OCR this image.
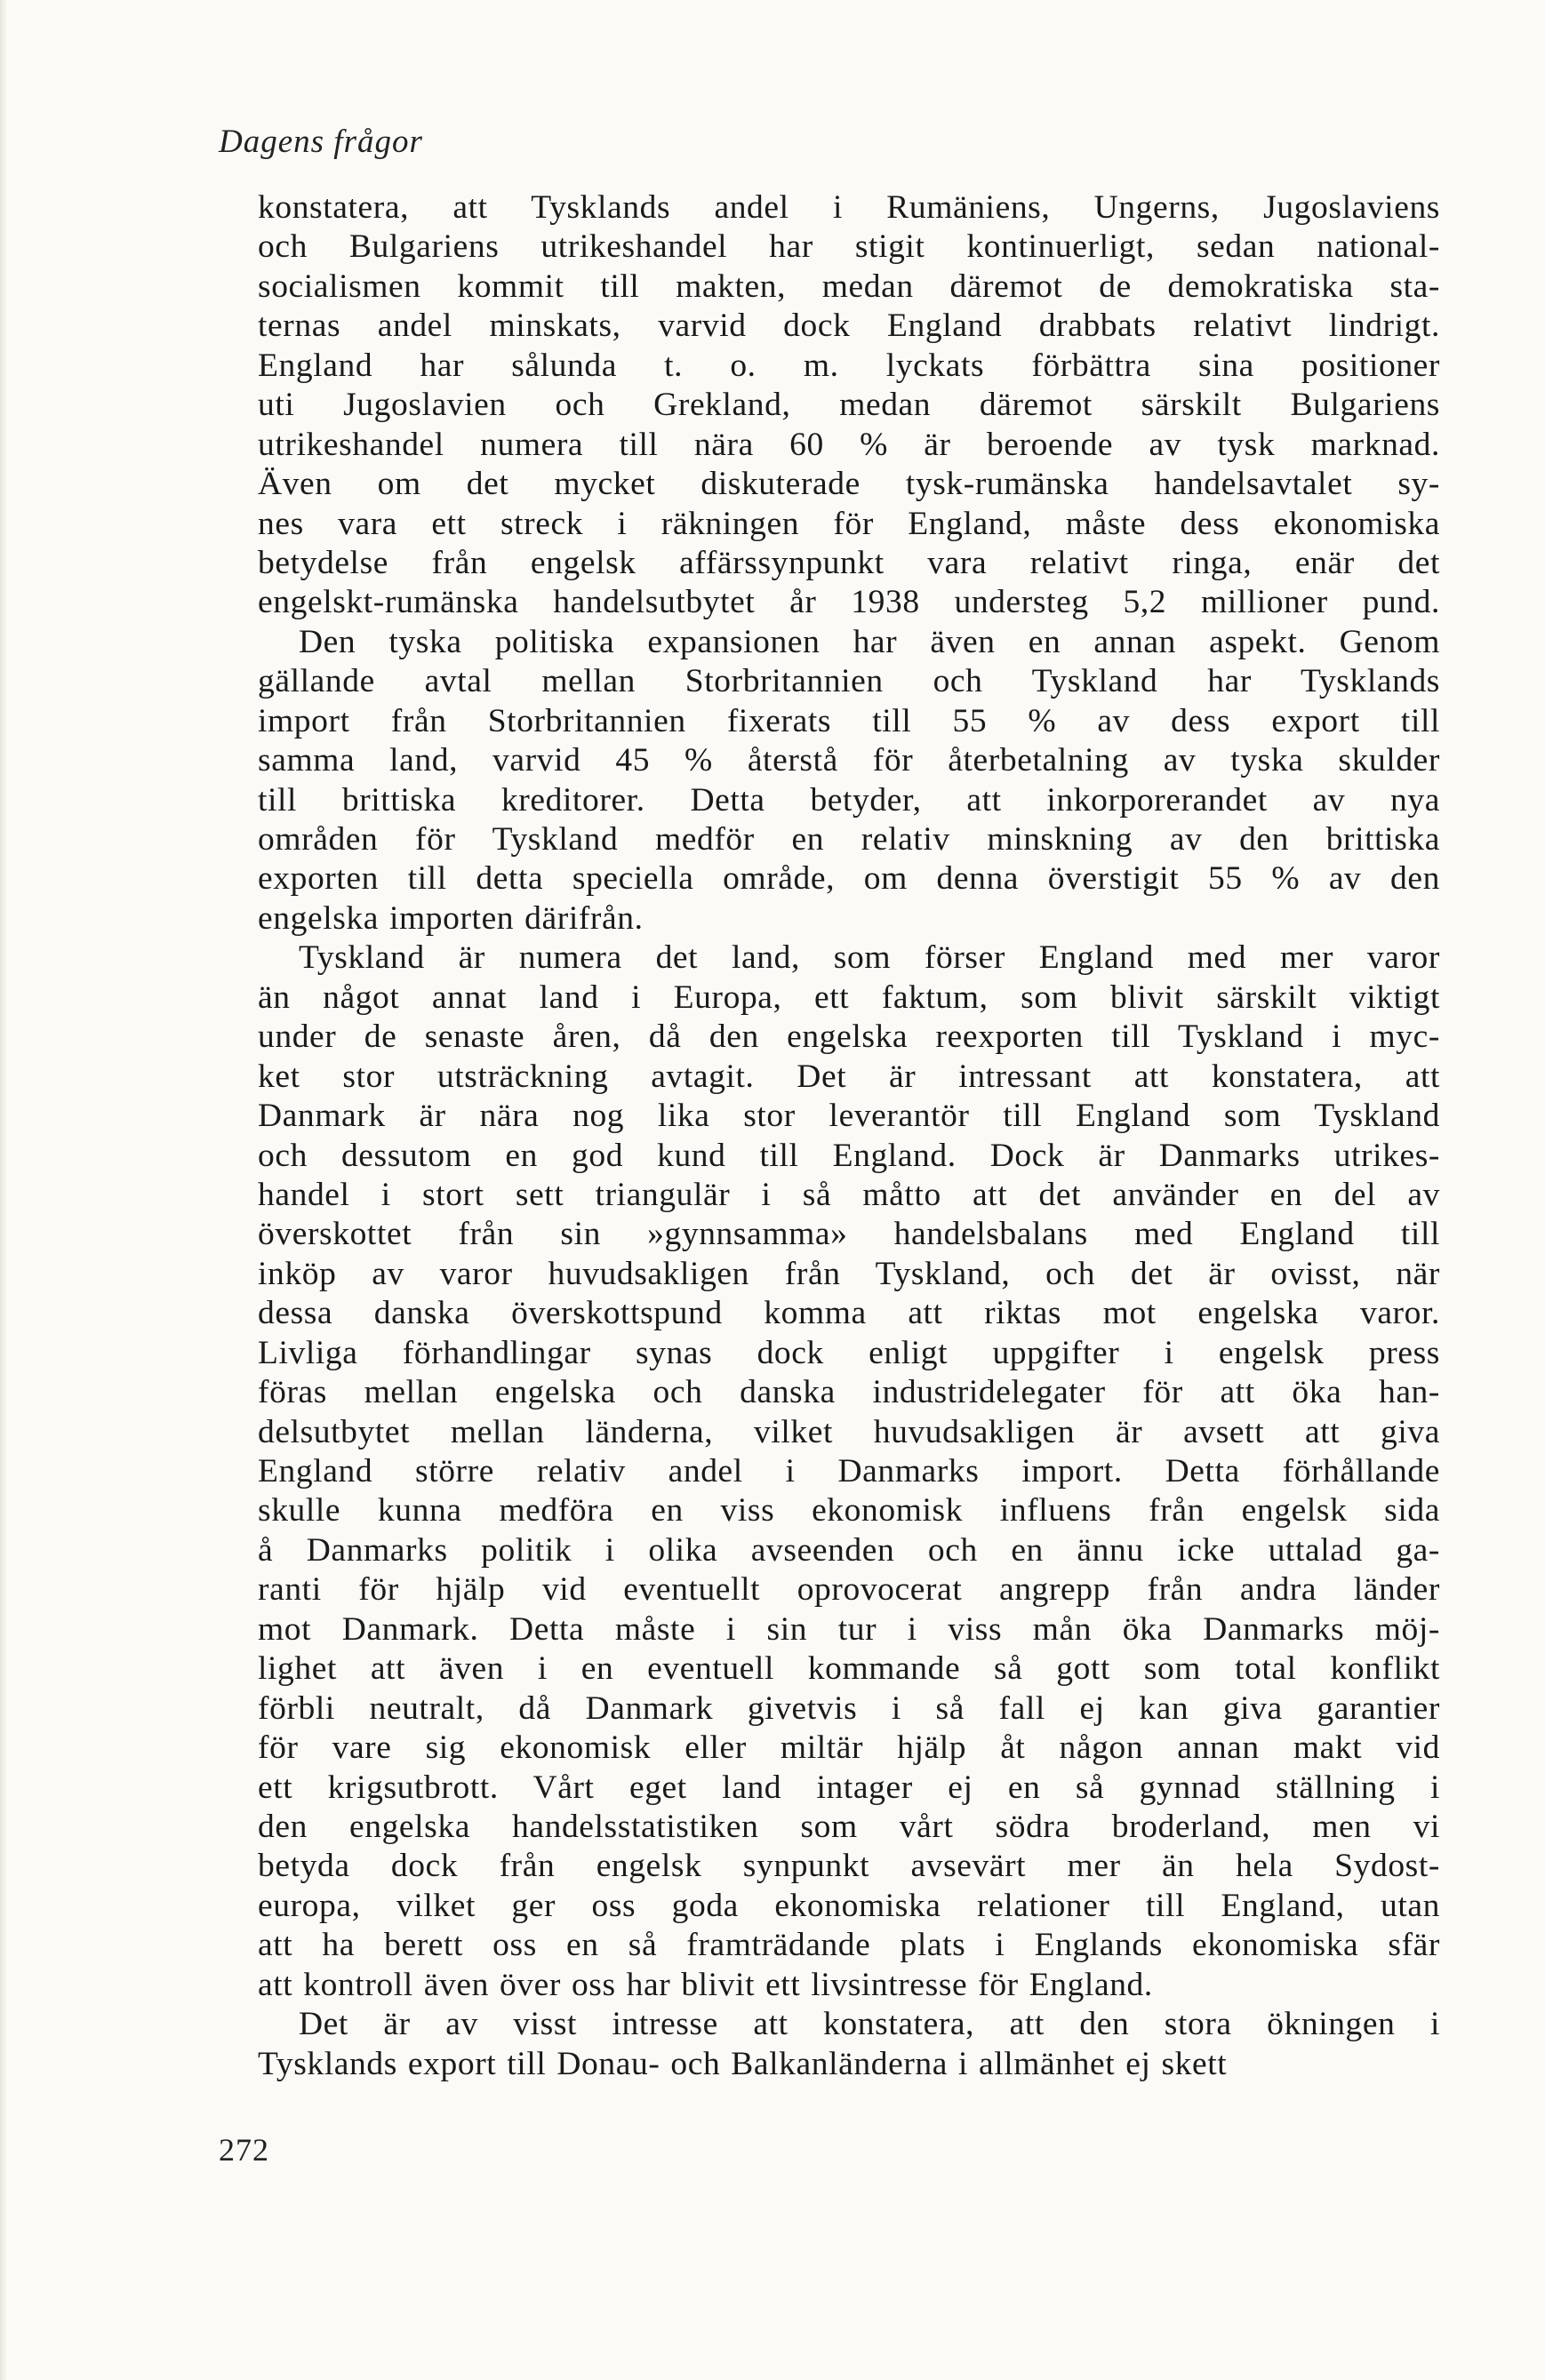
Dagens frågor
konstatera, att Tysklands andel i Rumäniens, Ungerns, Jugoslaviens
och Bulgariens utrikeshandel har stigit kontinuerligt, sedan national-
socialismen kommit till makten, medan däremot de demokratiska sta-
ternas andel minskats, varvid dock England drabbats relativt lindrigt.
England har sålunda t. o. m. lyckats förbättra sina positioner
uti Jugoslavien och Grekland, medan däremot särskilt Bulgariens
utrikeshandel numera till nära 60 % är beroende av tysk marknad.
Även om det mycket diskuterade tysk-rumänska handelsavtalet sy-
nes vara ett streck i räkningen för England, måste dess ekonomiska
betydelse från engelsk affärssynpunkt vara relativt ringa, enär det
engelskt-rumänska handelsutbytet år 1938 understeg 5,2 millioner pund.
Den tyska politiska expansionen har även en annan aspekt. Genom
gällande avtal mellan Storbritannien och Tyskland har Tysklands
import från Storbritannien fixerats till 55 % av dess export till
samma land, varvid 45 % återstå för återbetalning av tyska skulder
till brittiska kreditorer. Detta betyder, att inkorporerandet av nya
områden för Tyskland medför en relativ minskning av den brittiska
exporten till detta speciella område, om denna överstigit 55 % av den
engelska importen därifrån.
Tyskland är numera det land, som förser England med mer varor
än något annat land i Europa, ett faktum, som blivit särskilt viktigt
under de senaste åren, då den engelska reexporten till Tyskland i myc-
ket stor utsträckning avtagit. Det är intressant att konstatera, att
Danmark är nära nog lika stor leverantör till England som Tyskland
och dessutom en god kund till England. Dock är Danmarks utrikes-
handel i stort sett triangulär i så måtto att det använder en del av
överskottet från sin »gynnsamma» handelsbalans med England till
inköp av varor huvudsakligen från Tyskland, och det är ovisst, när
dessa danska överskottspund komma att riktas mot engelska varor.
Livliga förhandlingar synas dock enligt uppgifter i engelsk press
föras mellan engelska och danska industridelegater för att öka han-
delsutbytet mellan länderna, vilket huvudsakligen är avsett att giva
England större relativ andel i Danmarks import. Detta förhållande
skulle kunna medföra en viss ekonomisk influens från engelsk sida
å Danmarks politik i olika avseenden och en ännu icke uttalad ga-
ranti för hjälp vid eventuellt oprovocerat angrepp från andra länder
mot Danmark. Detta måste i sin tur i viss mån öka Danmarks möj-
lighet att även i en eventuell kommande så gott som total konflikt
förbli neutralt, då Danmark givetvis i så fall ej kan giva garantier
för vare sig ekonomisk eller miltär hjälp åt någon annan makt vid
ett krigsutbrott. Vårt eget land intager ej en så gynnad ställning i
den engelska handelsstatistiken som vårt södra broderland, men vi
betyda dock från engelsk synpunkt avsevärt mer än hela Sydost-
europa, vilket ger oss goda ekonomiska relationer till England, utan
att ha berett oss en så framträdande plats i Englands ekonomiska sfär
att kontroll även över oss har blivit ett livsintresse för England.
Det är av visst intresse att konstatera, att den stora ökningen i
Tysklands export till Donau- och Balkanländerna i allmänhet ej skett
272
